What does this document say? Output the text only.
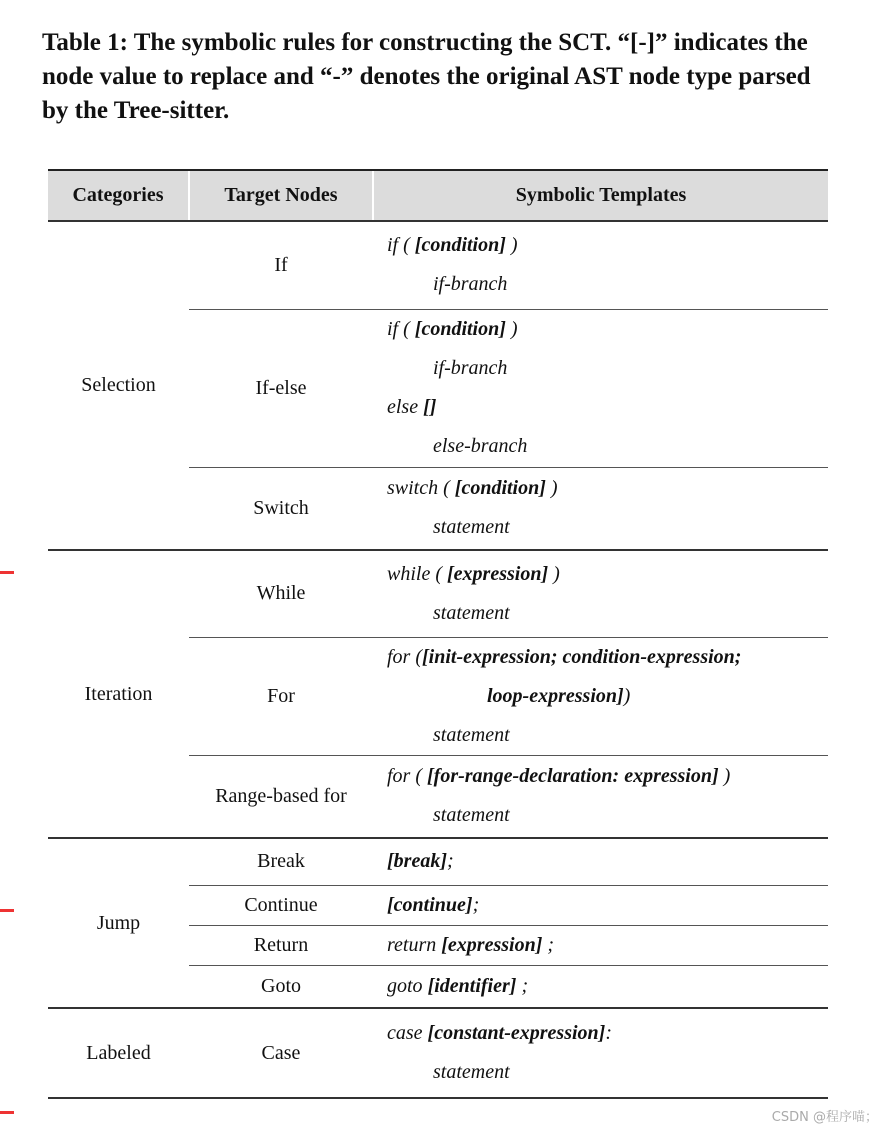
Table 1: The symbolic rules for constructing the SCT. “[-]” indicates the node value to replace and “-” denotes the original AST node type parsed by the Tree-sitter.
Categories	Target Nodes	Symbolic Templates
Selection	If	if ( [condition] )
if-branch

	If-else	if ( [condition] )
if-branch
else []
else-branch

	Switch	switch ( [condition] )
statement

Iteration	While	while ( [expression] )
statement

	For	for ([init-expression; condition-expression;
loop-expression])
statement

	Range-based for	for ( [for-range-declaration: expression] )
statement

Jump	Break	[break];

	Continue	[continue];

	Return	return [expression] ;

	Goto	goto [identifier] ;

Labeled	Case	case [constant-expression]:
statement
CSDN @程序喵；
